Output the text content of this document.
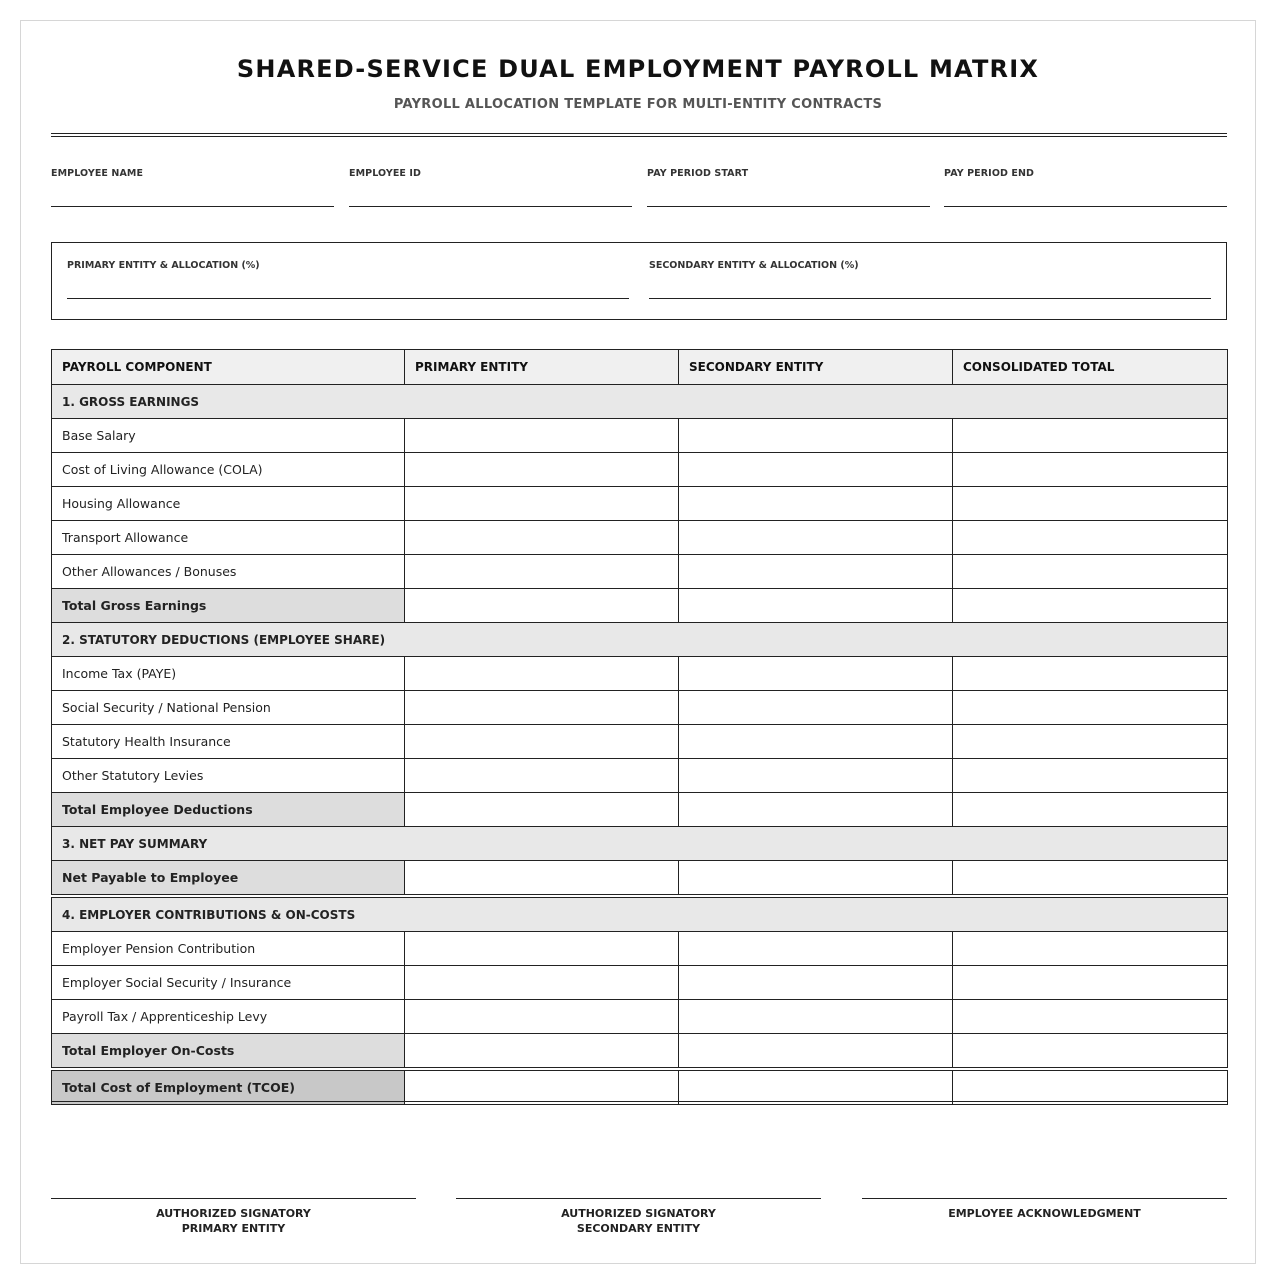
SHARED-SERVICE DUAL EMPLOYMENT PAYROLL MATRIX
PAYROLL ALLOCATION TEMPLATE FOR MULTI-ENTITY CONTRACTS
EMPLOYEE NAME	EMPLOYEE ID	PAY PERIOD START	PAY PERIOD END
PRIMARY ENTITY & ALLOCATION (%)	SECONDARY ENTITY & ALLOCATION (%)
PAYROLL COMPONENT	PRIMARY ENTITY	SECONDARY ENTITY	CONSOLIDATED TOTAL
1. GROSS EARNINGS			
Base Salary			
Cost of Living Allowance (COLA)			
Housing Allowance			
Transport Allowance			
Other Allowances / Bonuses			
Total Gross Earnings			
2. STATUTORY DEDUCTIONS (EMPLOYEE SHARE)			
Income Tax (PAYE)			
Social Security / National Pension			
Statutory Health Insurance			
Other Statutory Levies			
Total Employee Deductions			
3. NET PAY SUMMARY			
Net Payable to Employee			

4. EMPLOYER CONTRIBUTIONS & ON-COSTS			
Employer Pension Contribution			
Employer Social Security / Insurance			
Payroll Tax / Apprenticeship Levy			
Total Employer On-Costs			

Total Cost of Employment (TCOE)			
AUTHORIZED SIGNATORY
PRIMARY ENTITY
AUTHORIZED SIGNATORY
SECONDARY ENTITY
EMPLOYEE ACKNOWLEDGMENT
